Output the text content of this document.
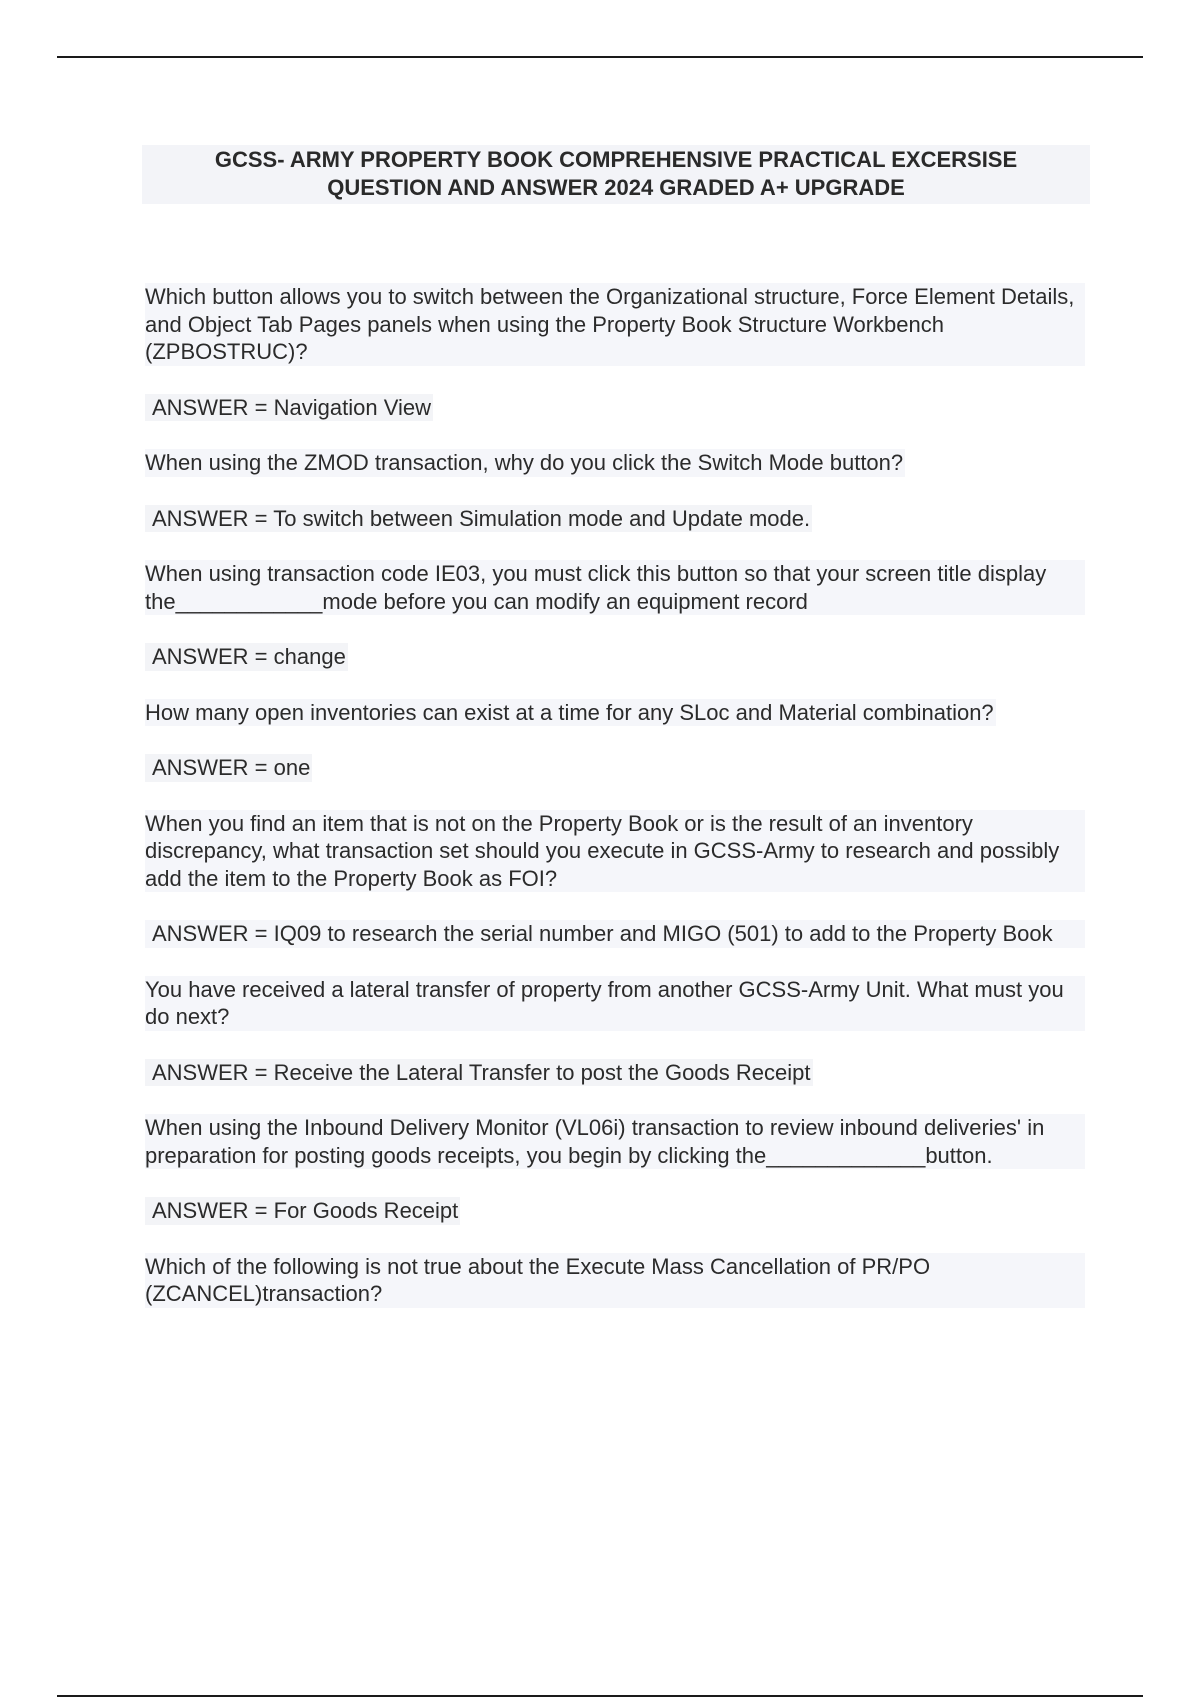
GCSS- ARMY PROPERTY BOOK COMPREHENSIVE PRACTICAL EXCERSISE
QUESTION AND ANSWER 2024 GRADED A+ UPGRADE

Which button allows you to switch between the Organizational structure, Force Element Details, and Object Tab Pages panels when using the Property Book Structure Workbench (ZPBOSTRUC)?

ANSWER = Navigation View
When using the ZMOD transaction, why do you click the Switch Mode button?
ANSWER = To switch between Simulation mode and Update mode.

When using transaction code IE03, you must click this button so that your screen title display the____________mode before you can modify an equipment record

ANSWER = change
How many open inventories can exist at a time for any SLoc and Material combination?
ANSWER = one

When you find an item that is not on the Property Book or is the result of an inventory discrepancy, what transaction set should you execute in GCSS-Army to research and possibly add the item to the Property Book as FOI?

ANSWER = IQ09 to research the serial number and MIGO (501) to add to the Property Book

You have received a lateral transfer of property from another GCSS-Army Unit. What must you do next?

ANSWER = Receive the Lateral Transfer to post the Goods Receipt

When using the Inbound Delivery Monitor (VL06i) transaction to review inbound deliveries' in preparation for posting goods receipts, you begin by clicking the_____________button.

ANSWER = For Goods Receipt

Which of the following is not true about the Execute Mass Cancellation of PR/PO (ZCANCEL)transaction?
